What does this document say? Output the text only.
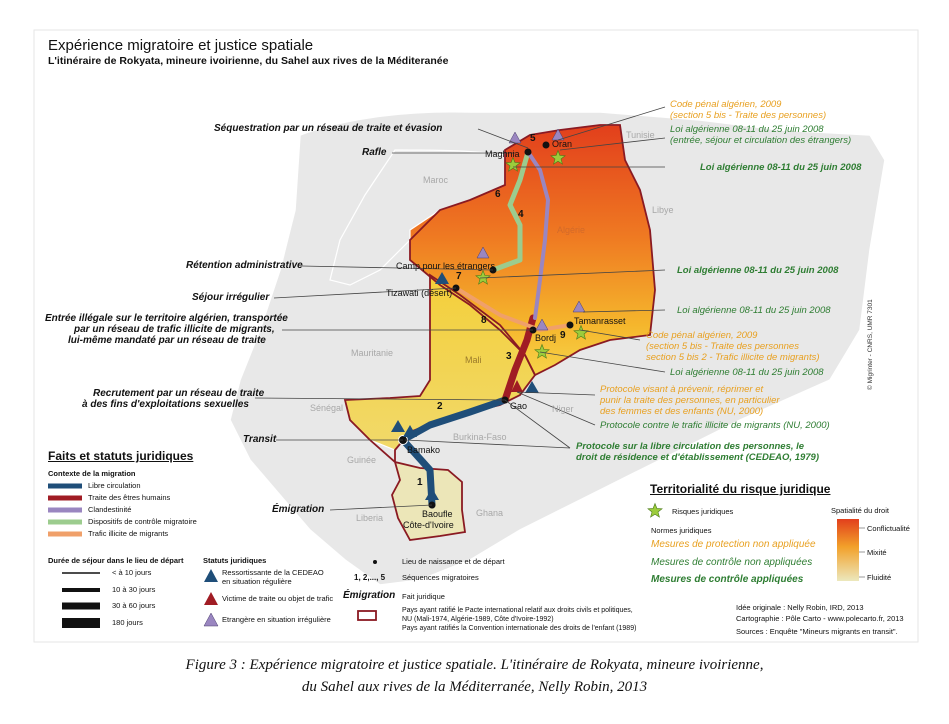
Expérience migratoire et justice spatiale
L'itinéraire de Rokyata, mineure ivoirienne, du Sahel aux rives de la Méditeranée
Tunisie
Maroc
Algérie
Libye
Mauritanie
Mali
Niger
Sénégal
Burkina-Faso
Guinée
Liberia	Ghana
Oran
Maghnia
Camp pour les étrangers
Tizawati (désert)
Tamanrasset
Bordj
Gao
Bamako
Baoufle
Côte-d'Ivoire
1
2
3
4
5
6
7
8
9
Séquestration par un réseau de traite et évasion
Rafle
Rétention administrative
Séjour irrégulier
Entrée illégale sur le territoire algérien, transportée
par un réseau de trafic illicite de migrants,
lui-même mandaté par un réseau de traite
Recrutement par un réseau de traite
à des fins d'exploitations sexuelles
Transit
Émigration
Code pénal algérien, 2009
(section 5 bis - Traite des personnes)
Loi algérienne 08-11 du 25 juin 2008
(entrée, séjour et circulation des étrangers)
Loi algérienne 08-11 du 25 juin 2008
Loi algérienne 08-11 du 25 juin 2008
Loi algérienne 08-11 du 25 juin 2008
Code pénal algérien, 2009
(section 5 bis - Traite des personnes
section 5 bis 2 - Trafic illicite de migrants)
Loi algérienne 08-11 du 25 juin 2008
Protocole visant à prévenir, réprimer et
punir la traite des personnes, en particulier
des femmes et des enfants (NU, 2000)
Protocole contre le trafic illicite de migrants (NU, 2000)
Protocole sur la libre circulation des personnes, le
droit de résidence et d'établissement (CEDEAO, 1979)
Faits et statuts juridiques
Contexte de la migration
Libre circulation
Traite des êtres humains
Clandestinité
Dispositifs de contrôle migratoire
Trafic illicite de migrants
Durée de séjour dans le lieu de départ
< à 10 jours
10 à 30 jours
30 à 60 jours
180 jours
Statuts juridiques
Ressortissante de la CEDEAO
en situation régulière
Victime de traite ou objet de trafic
Etrangère en situation irrégulière
Lieu de naissance et de départ
1, 2,..., 5 Séquences migratoires
Émigration Fait juridique
Pays ayant ratifié le Pacte international relatif aux droits civils et politiques,
NU (Mali-1974, Algérie-1989, Côte d'Ivoire-1992)
Pays ayant ratifiés la Convention internationale des droits de l'enfant (1989)
Territorialité du risque juridique
Risques juridiques
Normes juridiques
Mesures de protection non appliquée
Mesures de contrôle non appliquées
Mesures de contrôle appliquées
Spatialité du droit
Conflictualité
Mixité
Fluidité
Idée originale : Nelly Robin, IRD, 2013
Cartographie : Pôle Carto - www.polecarto.fr, 2013
Sources : Enquête "Mineurs migrants en transit".
© Migrinter - CNRS, UMR 7301
Figure 3 : Expérience migratoire et justice spatiale. L'itinéraire de Rokyata, mineure ivoirienne,
du Sahel aux rives de la Méditerranée, Nelly Robin, 2013
